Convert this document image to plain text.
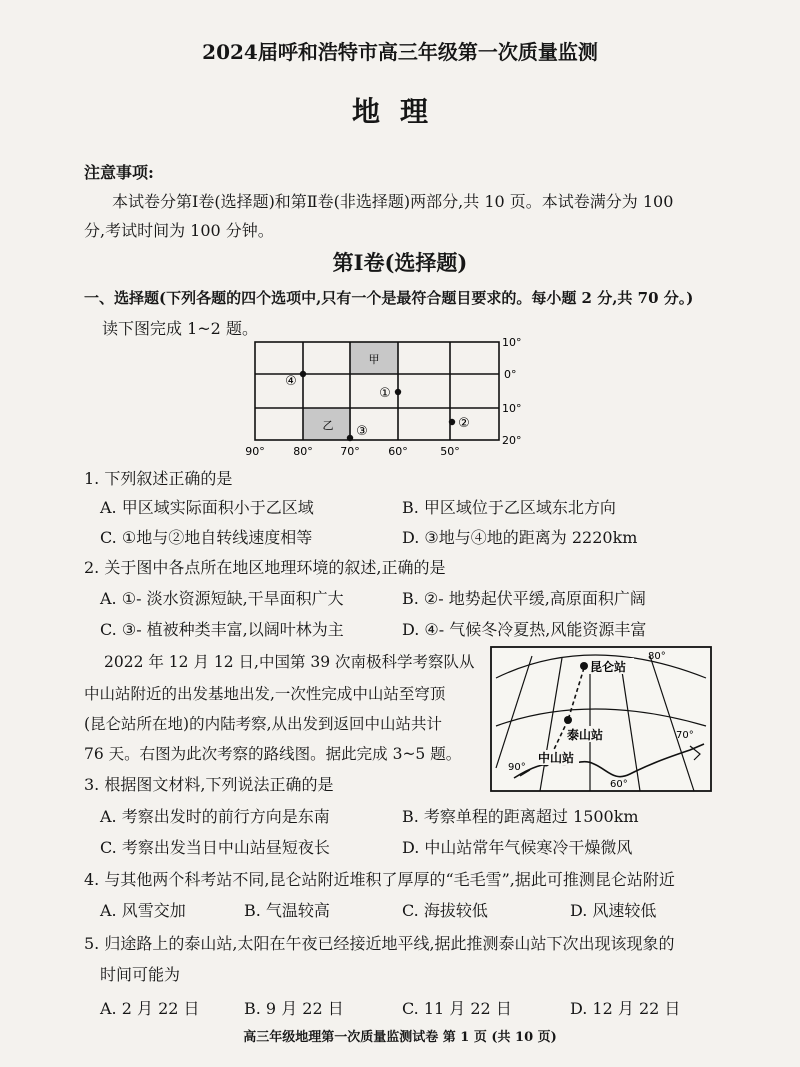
2024届呼和浩特市高三年级第一次质量监测
地理
注意事项:
本试卷分第Ⅰ卷(选择题)和第Ⅱ卷(非选择题)两部分,共 10 页。本试卷满分为 100
分,考试时间为 100 分钟。
第Ⅰ卷(选择题)
一、选择题(下列各题的四个选项中,只有一个是最符合题目要求的。每小题 2 分,共 70 分。)
读下图完成 1~2 题。
甲
乙
①
②
③
④
10°
0°
10°
20°
90°	80°	70°	60°	50°
1. 下列叙述正确的是
A. 甲区域实际面积小于乙区域	B. 甲区域位于乙区域东北方向
C. ①地与②地自转线速度相等	D. ③地与④地的距离为 2220km
2. 关于图中各点所在地区地理环境的叙述,正确的是
A. ①- 淡水资源短缺,干旱面积广大	B. ②- 地势起伏平缓,高原面积广阔
C. ③- 植被种类丰富,以阔叶林为主	D. ④- 气候冬冷夏热,风能资源丰富
2022 年 12 月 12 日,中国第 39 次南极科学考察队从
中山站附近的出发基地出发,一次性完成中山站至穹顶
(昆仑站所在地)的内陆考察,从出发到返回中山站共计
76 天。右图为此次考察的路线图。据此完成 3~5 题。
昆仑站
泰山站
中山站
80°
70°
90°
60°
3. 根据图文材料,下列说法正确的是
A. 考察出发时的前行方向是东南	B. 考察单程的距离超过 1500km
C. 考察出发当日中山站昼短夜长	D. 中山站常年气候寒冷干燥微风
4. 与其他两个科考站不同,昆仑站附近堆积了厚厚的“毛毛雪”,据此可推测昆仑站附近
A. 风雪交加	B. 气温较高	C. 海拔较低	D. 风速较低
5. 归途路上的泰山站,太阳在午夜已经接近地平线,据此推测泰山站下次出现该现象的
时间可能为
A. 2 月 22 日	B. 9 月 22 日	C. 11 月 22 日	D. 12 月 22 日
高三年级地理第一次质量监测试卷 第 1 页 (共 10 页)
